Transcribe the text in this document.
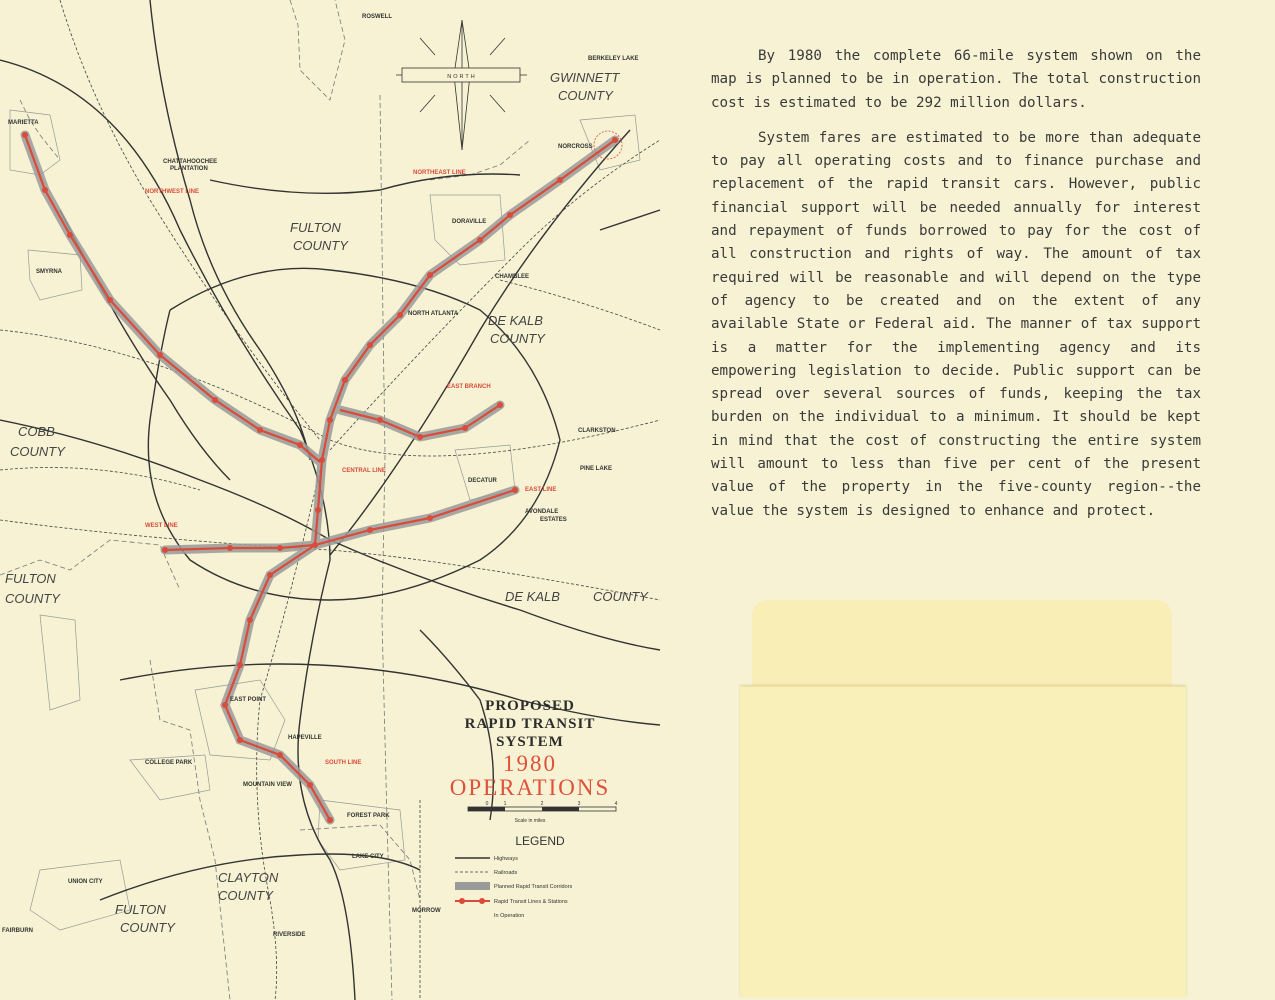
NORTH	GWINNETT
COUNTY
FULTON
COUNTY
DE KALB
COUNTY
COBB
COUNTY
FULTON
COUNTY	DE KALB	COUNTY
CLAYTON
COUNTY
FULTON
COUNTY
ROSWELL
BERKELEY LAKE
MARIETTA
CHATTAHOOCHEE
PLANTATION
SMYRNA
NORCROSS
DORAVILLE
CHAMBLEE
NORTH ATLANTA
CLARKSTON
PINE LAKE
DECATUR
AVONDALE
ESTATES
EAST POINT
HAPEVILLE
COLLEGE PARK
MOUNTAIN VIEW
FOREST PARK
LAKE CITY
UNION CITY
MORROW
RIVERSIDE
FAIRBURN
NORTHWEST LINE
NORTHEAST LINE
EAST BRANCH
CENTRAL LINE
EAST LINE
WEST LINE
SOUTH LINE
PROPOSED
RAPID TRANSIT
SYSTEM
1980
OPERATIONS
0	1	2	3	4
Scale in miles
LEGEND
Highways
Railroads
Planned Rapid Transit Corridors
Rapid Transit Lines & Stations
In Operation

By 1980 the complete 66-mile system shown on the map is planned to be in operation. The total construction cost is estimated to be 292 million dollars.

System fares are estimated to be more than adequate to pay all operating costs and to finance purchase and replacement of the rapid transit cars. However, public financial support will be needed annually for interest and repayment of funds borrowed to pay for the cost of all construction and rights of way. The amount of tax required will be reasonable and will depend on the type of agency to be created and on the extent of any available State or Federal aid. The manner of tax support is a matter for the implementing agency and its empowering legislation to decide. Public support can be spread over several sources of funds, keeping the tax burden on the individual to a minimum. It should be kept in mind that the cost of constructing the entire system will amount to less than five per cent of the present value of the property in the five-county region--the value the system is designed to enhance and protect.
